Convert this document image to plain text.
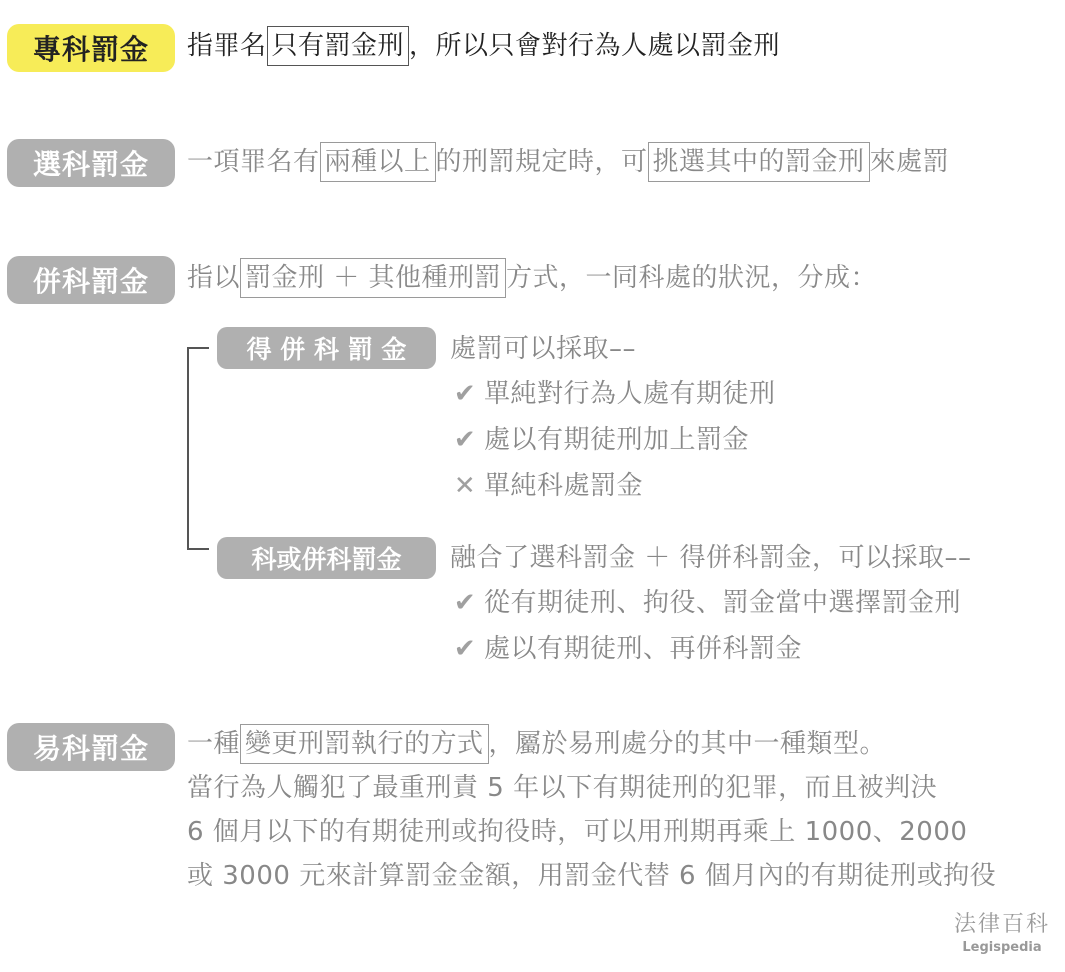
專科罰金	指罪名 只有罰金刑 ，所以只會對行為人處以罰金刑
選科罰金	一項罪名有 兩種以上 的刑罰規定時，可 挑選其中的罰金刑 來處罰
併科罰金	指以 罰金刑 ＋ 其他種刑罰 方式，一同科處的狀況，分成：
得 併 科 罰 金	處罰可以採取––
✔ 單純對行為人處有期徒刑
✔ 處以有期徒刑加上罰金
✕ 單純科處罰金
科或併科罰金	融合了選科罰金 ＋ 得併科罰金，可以採取––
✔ 從有期徒刑、拘役、罰金當中選擇罰金刑
✔ 處以有期徒刑、再併科罰金
易科罰金	一種 變更刑罰執行的方式 ，屬於易刑處分的其中一種類型。
當行為人觸犯了最重刑責 5 年以下有期徒刑的犯罪，而且被判決
6 個月以下的有期徒刑或拘役時，可以用刑期再乘上 1000、2000
或 3000 元來計算罰金金額，用罰金代替 6 個月內的有期徒刑或拘役
法律百科
Legispedia
